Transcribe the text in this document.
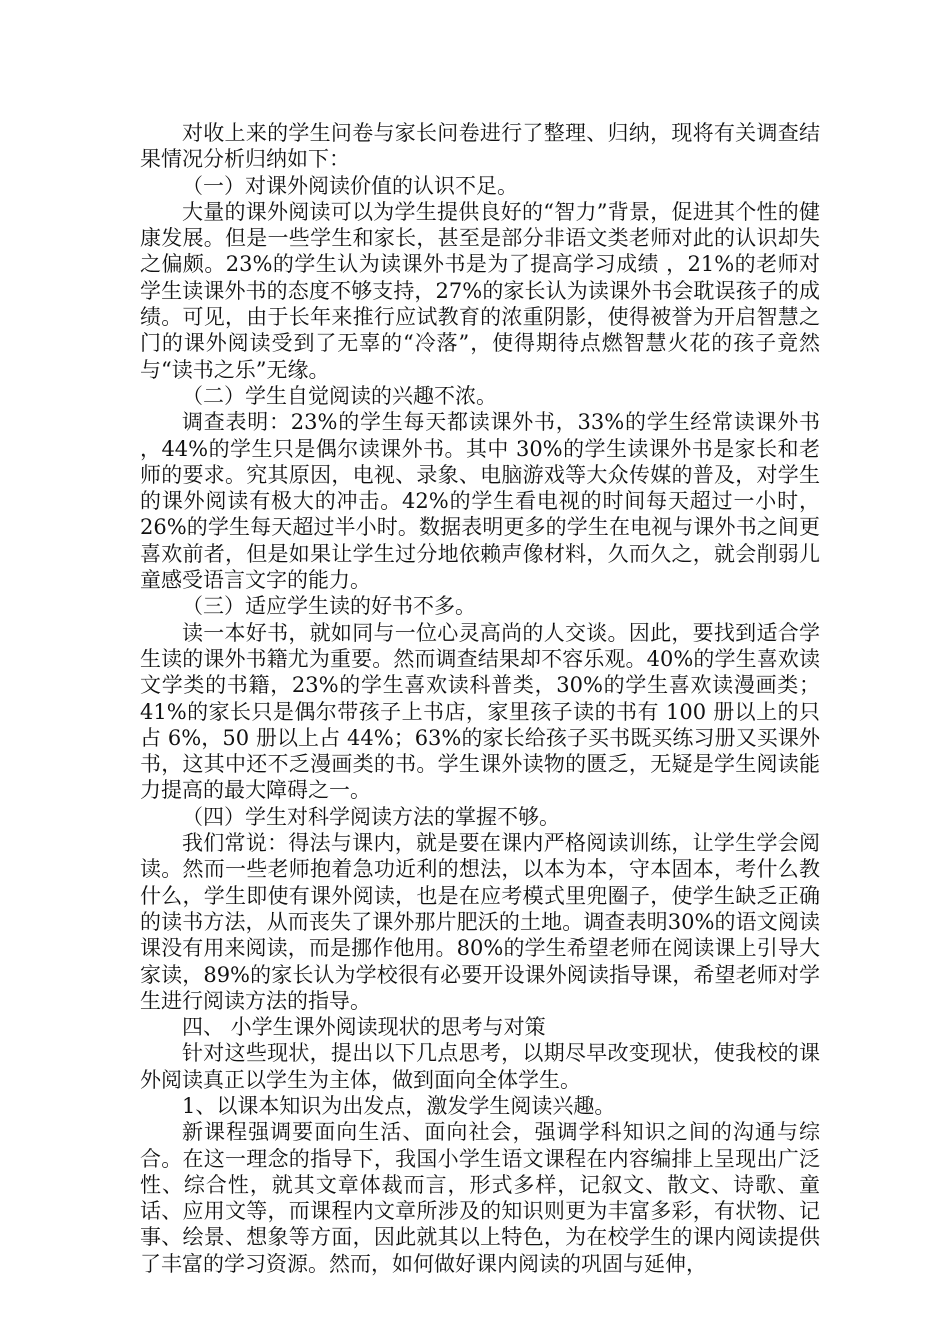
对收上来的学生问卷与家长问卷进行了整理、归纳，现将有关调查结果情况分析归纳如下：

（一）对课外阅读价值的认识不足。

大量的课外阅读可以为学生提供良好的“智力”背景，促进其个性的健康发展。但是一些学生和家长，甚至是部分非语文类老师对此的认识却失之偏颇。23%的学生认为读课外书是为了提高学习成绩 ，21%的老师对学生读课外书的态度不够支持，27%的家长认为读课外书会耽误孩子的成绩。可见，由于长年来推行应试教育的浓重阴影，使得被誉为开启智慧之门的课外阅读受到了无辜的“冷落”，使得期待点燃智慧火花的孩子竟然与“读书之乐”无缘。

（二）学生自觉阅读的兴趣不浓。

调查表明：23%的学生每天都读课外书，33%的学生经常读课外书 ，44%的学生只是偶尔读课外书。其中 30%的学生读课外书是家长和老师的要求。究其原因，电视、录象、电脑游戏等大众传媒的普及，对学生的课外阅读有极大的冲击。42%的学生看电视的时间每天超过一小时，26%的学生每天超过半小时。数据表明更多的学生在电视与课外书之间更喜欢前者，但是如果让学生过分地依赖声像材料，久而久之，就会削弱儿童感受语言文字的能力。

（三）适应学生读的好书不多。

读一本好书，就如同与一位心灵高尚的人交谈。因此，要找到适合学生读的课外书籍尤为重要。然而调查结果却不容乐观。40%的学生喜欢读文学类的书籍，23%的学生喜欢读科普类，30%的学生喜欢读漫画类；41%的家长只是偶尔带孩子上书店，家里孩子读的书有 100 册以上的只占 6%，50 册以上占 44%；63%的家长给孩子买书既买练习册又买课外书，这其中还不乏漫画类的书。学生课外读物的匮乏，无疑是学生阅读能力提高的最大障碍之一。

（四）学生对科学阅读方法的掌握不够。

我们常说：得法与课内，就是要在课内严格阅读训练，让学生学会阅读。然而一些老师抱着急功近利的想法，以本为本，守本固本，考什么教什么，学生即使有课外阅读，也是在应考模式里兜圈子，使学生缺乏正确的读书方法，从而丧失了课外那片肥沃的土地。调查表明30%的语文阅读课没有用来阅读，而是挪作他用。80%的学生希望老师在阅读课上引导大家读，89%的家长认为学校很有必要开设课外阅读指导课，希望老师对学生进行阅读方法的指导。

四、 小学生课外阅读现状的思考与对策

针对这些现状，提出以下几点思考，以期尽早改变现状，使我校的课外阅读真正以学生为主体，做到面向全体学生。

1、以课本知识为出发点，激发学生阅读兴趣。

新课程强调要面向生活、面向社会，强调学科知识之间的沟通与综合。在这一理念的指导下，我国小学生语文课程在内容编排上呈现出广泛性、综合性，就其文章体裁而言，形式多样，记叙文、散文、诗歌、童话、应用文等，而课程内文章所涉及的知识则更为丰富多彩，有状物、记事、绘景、想象等方面，因此就其以上特色，为在校学生的课内阅读提供了丰富的学习资源。然而，如何做好课内阅读的巩固与延伸，
